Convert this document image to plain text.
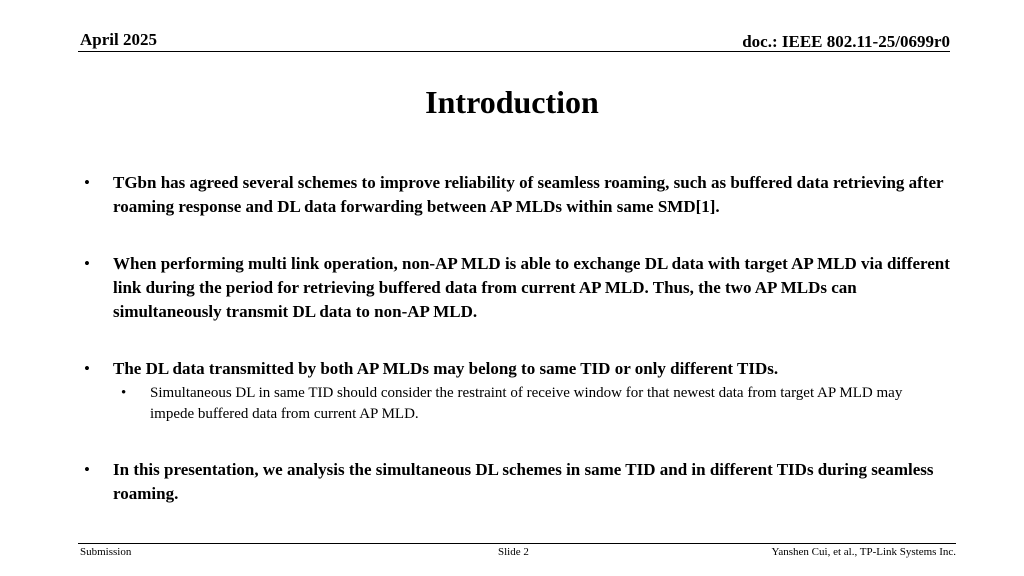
April 2025	doc.: IEEE 802.11-25/0699r0
Introduction
• TGbn has agreed several schemes to improve reliability of seamless roaming, such as buffered data retrieving after roaming response and DL data forwarding between AP MLDs within same SMD[1].
• When performing multi link operation, non-AP MLD is able to exchange DL data with target AP MLD via different link during the period for retrieving buffered data from current AP MLD. Thus, the two AP MLDs can simultaneously transmit DL data to non-AP MLD.
• The DL data transmitted by both AP MLDs may belong to same TID or only different TIDs.
• Simultaneous DL in same TID should consider the restraint of receive window for that newest data from target AP MLD may impede buffered data from current AP MLD.
• In this presentation, we analysis the simultaneous DL schemes in same TID and in different TIDs during seamless roaming.
Submission	Slide 2	Yanshen Cui, et al., TP-Link Systems Inc.
